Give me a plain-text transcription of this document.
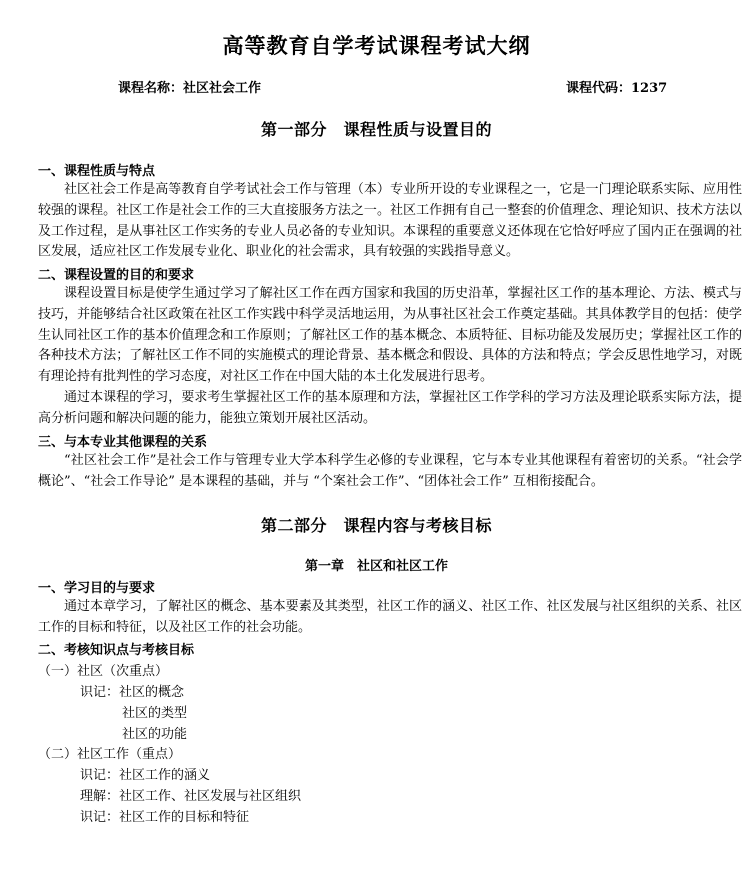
高等教育自学考试课程考试大纲
课程名称：社区社会工作	课程代码：1237
第一部分　课程性质与设置目的
一、课程性质与特点

社区社会工作是高等教育自学考试社会工作与管理（本）专业所开设的专业课程之一，它是一门理论联系实际、应用性较强的课程。社区工作是社会工作的三大直接服务方法之一。社区工作拥有自己一整套的价值理念、理论知识、技术方法以及工作过程，是从事社区工作实务的专业人员必备的专业知识。本课程的重要意义还体现在它恰好呼应了国内正在强调的社区发展，适应社区工作发展专业化、职业化的社会需求，具有较强的实践指导意义。

二、课程设置的目的和要求

课程设置目标是使学生通过学习了解社区工作在西方国家和我国的历史沿革，掌握社区工作的基本理论、方法、模式与技巧，并能够结合社区政策在社区工作实践中科学灵活地运用，为从事社区社会工作奠定基础。其具体教学目的包括：使学生认同社区工作的基本价值理念和工作原则；了解社区工作的基本概念、本质特征、目标功能及发展历史；掌握社区工作的各种技术方法；了解社区工作不同的实施模式的理论背景、基本概念和假设、具体的方法和特点；学会反思性地学习，对既有理论持有批判性的学习态度，对社区工作在中国大陆的本土化发展进行思考。

通过本课程的学习，要求考生掌握社区工作的基本原理和方法，掌握社区工作学科的学习方法及理论联系实际方法，提高分析问题和解决问题的能力，能独立策划开展社区活动。

三、与本专业其他课程的关系

“社区社会工作”是社会工作与管理专业大学本科学生必修的专业课程，它与本专业其他课程有着密切的关系。“社会学概论”、“社会工作导论” 是本课程的基础，并与 “个案社会工作”、“团体社会工作” 互相衔接配合。

第二部分　课程内容与考核目标
第一章　社区和社区工作
一、学习目的与要求

通过本章学习，了解社区的概念、基本要素及其类型，社区工作的涵义、社区工作、社区发展与社区组织的关系、社区工作的目标和特征，以及社区工作的社会功能。

二、考核知识点与考核目标
（一）社区（次重点）
识记：社区的概念
社区的类型
社区的功能
（二）社区工作（重点）
识记：社区工作的涵义
理解：社区工作、社区发展与社区组织
识记：社区工作的目标和特征
